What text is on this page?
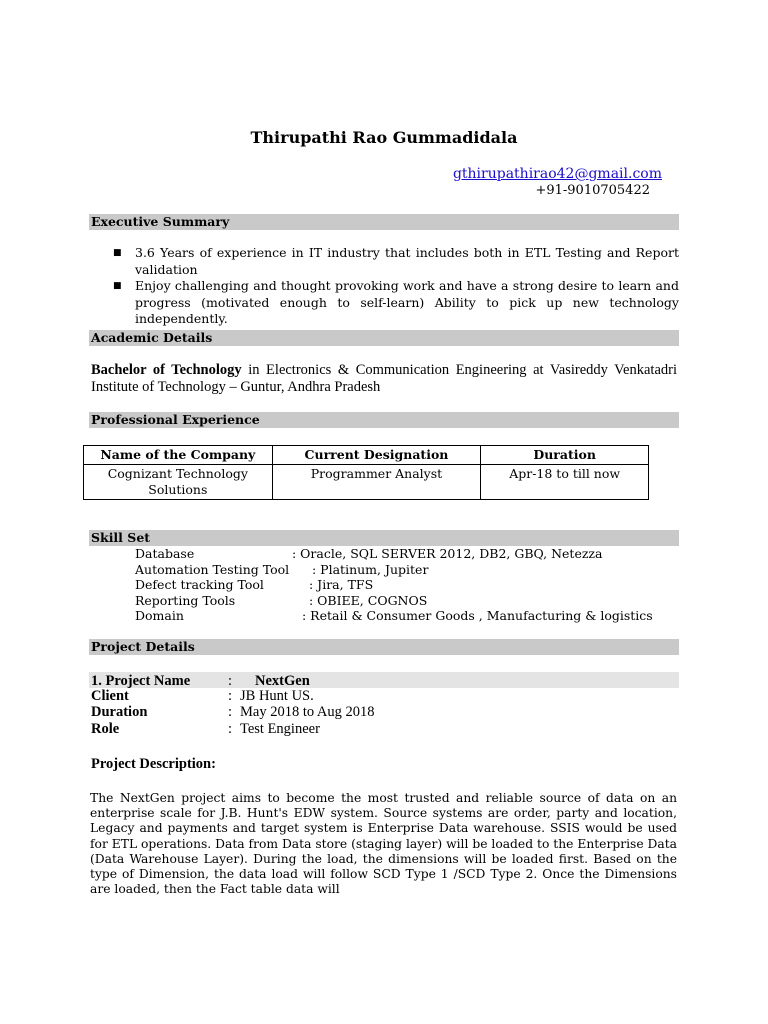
Thirupathi Rao Gummadidala
gthirupathirao42@gmail.com
+91-9010705422
Executive Summary
■ 3.6 Years of experience in IT industry that includes both in ETL Testing and Report validation
■ Enjoy challenging and thought provoking work and have a strong desire to learn and progress (motivated enough to self-learn) Ability to pick up new technology independently.
Academic Details
Bachelor of Technology in Electronics & Communication Engineering at Vasireddy Venkatadri Institute of Technology – Guntur, Andhra Pradesh
Professional Experience
Name of the Company	Current Designation	Duration
Cognizant Technology Solutions	Programmer Analyst	Apr-18 to till now
Skill Set
Database	: Oracle, SQL SERVER 2012, DB2, GBQ, Netezza
Automation Testing Tool : Platinum, Jupiter
Defect tracking Tool	: Jira, TFS
Reporting Tools	: OBIEE, COGNOS
Domain	: Retail & Consumer Goods , Manufacturing & logistics
Project Details
1. Project Name	: NextGen
Client	: JB Hunt US.
Duration	: May 2018 to Aug 2018
Role	: Test Engineer
Project Description:
The NextGen project aims to become the most trusted and reliable source of data on an enterprise scale for J.B. Hunt's EDW system. Source systems are order, party and location, Legacy and payments and target system is Enterprise Data warehouse. SSIS would be used for ETL operations. Data from Data store (staging layer) will be loaded to the Enterprise Data (Data Warehouse Layer). During the load, the dimensions will be loaded first. Based on the type of Dimension, the data load will follow SCD Type 1 /SCD Type 2. Once the Dimensions are loaded, then the Fact table data will
